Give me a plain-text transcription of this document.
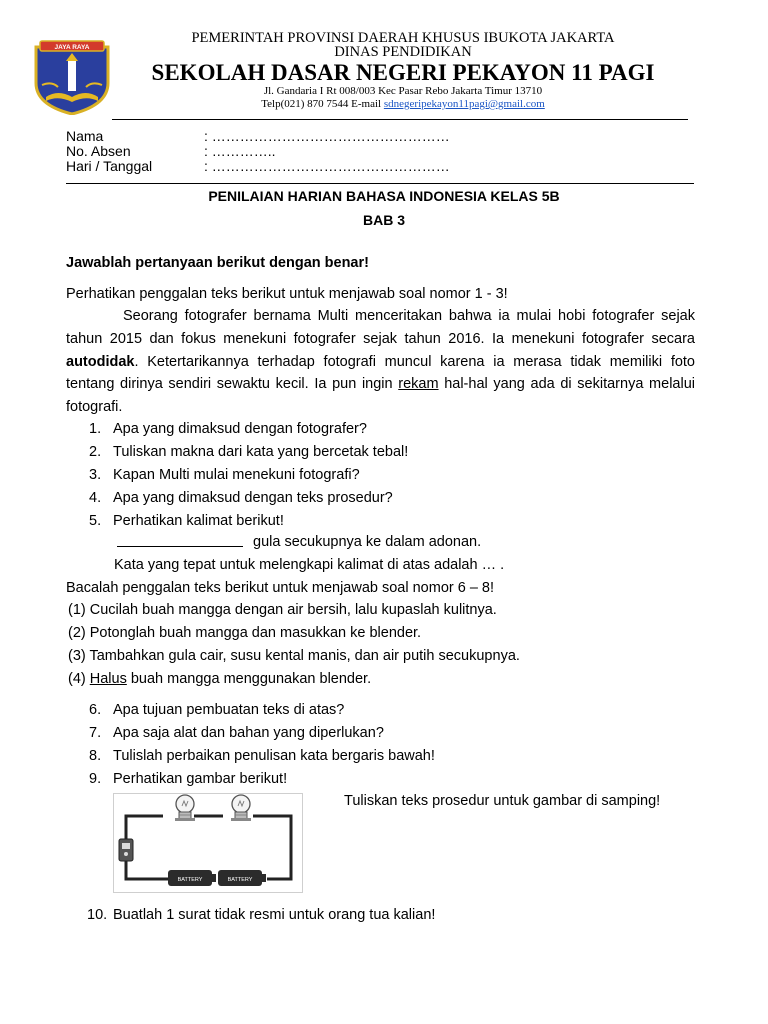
JAYA RAYA
PEMERINTAH PROVINSI DAERAH KHUSUS IBUKOTA JAKARTA
DINAS PENDIDIKAN
SEKOLAH DASAR NEGERI PEKAYON 11 PAGI
Jl. Gandaria I Rt 008/003 Kec Pasar Rebo Jakarta Timur 13710
Telp(021) 870 7544 E-mail sdnegeripekayon11pagi@gmail.com
Nama	: ……………………………………………
No. Absen	: …………..
Hari / Tanggal	: ……………………………………………
PENILAIAN HARIAN BAHASA INDONESIA KELAS 5B
BAB 3
Jawablah pertanyaan berikut dengan benar!
Perhatikan penggalan teks berikut untuk menjawab soal nomor 1 - 3!
Seorang fotografer bernama Multi menceritakan bahwa ia mulai hobi fotografer sejak tahun 2015 dan fokus menekuni fotografer sejak tahun 2016. Ia menekuni fotografer secara autodidak. Ketertarikannya terhadap fotografi muncul karena ia merasa tidak memiliki foto tentang dirinya sendiri sewaktu kecil. Ia pun ingin rekam hal-hal yang ada di sekitarnya melalui fotografi.
1. Apa yang dimaksud dengan fotografer?
2. Tuliskan makna dari kata yang bercetak tebal!
3. Kapan Multi mulai menekuni fotografi?
4. Apa yang dimaksud dengan teks prosedur?
5. Perhatikan kalimat berikut!
gula secukupnya ke dalam adonan.
Kata yang tepat untuk melengkapi kalimat di atas adalah … .
Bacalah penggalan teks berikut untuk menjawab soal nomor 6 – 8!
(1) Cucilah buah mangga dengan air bersih, lalu kupaslah kulitnya.
(2) Potonglah buah mangga dan masukkan ke blender.
(3) Tambahkan gula cair, susu kental manis, dan air putih secukupnya.
(4) Halus buah mangga menggunakan blender.
6. Apa tujuan pembuatan teks di atas?
7. Apa saja alat dan bahan yang diperlukan?
8. Tulislah perbaikan penulisan kata bergaris bawah!
9. Perhatikan gambar berikut!
BATTERY	BATTERY
Tuliskan teks prosedur untuk gambar di samping!
10. Buatlah 1 surat tidak resmi untuk orang tua kalian!
